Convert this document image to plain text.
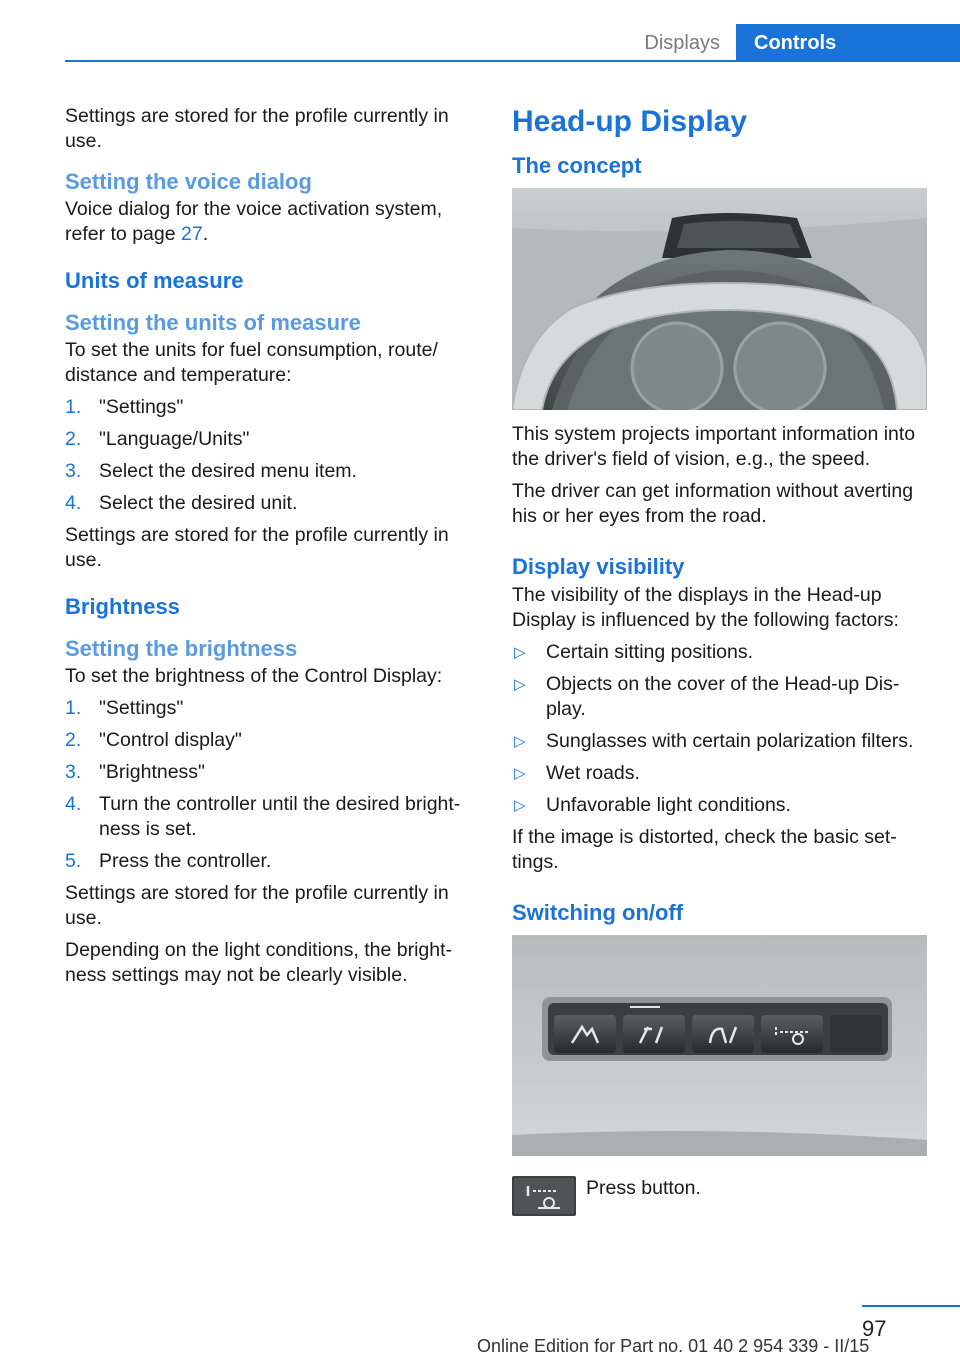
Displays	Controls

Settings are stored for the profile currently in use.

Setting the voice dialog

Voice dialog for the voice activation system, refer to page 27.

Units of measure
Setting the units of measure

To set the units for fuel consumption, route/ distance and temperature:

1. "Settings"
2. "Language/Units"
3. Select the desired menu item.
4. Select the desired unit.

Settings are stored for the profile currently in use.

Brightness
Setting the brightness

To set the brightness of the Control Display:

1. "Settings"
2. "Control display"
3. "Brightness"
4. Turn the controller until the desired bright‐ ness is set.
5. Press the controller.

Settings are stored for the profile currently in use.

Depending on the light conditions, the bright‐ ness settings may not be clearly visible.

Head-up Display
The concept

This system projects important information into the driver's field of vision, e.g., the speed.

The driver can get information without averting his or her eyes from the road.

Display visibility

The visibility of the displays in the Head-up Display is influenced by the following factors:

▷ Certain sitting positions.
▷ Objects on the cover of the Head-up Dis‐ play.
▷ Sunglasses with certain polarization filters.
▷ Wet roads.
▷ Unfavorable light conditions.

If the image is distorted, check the basic set‐ tings.

Switching on/off
Press button.
97
Online Edition for Part no. 01 40 2 954 339 - II/15
